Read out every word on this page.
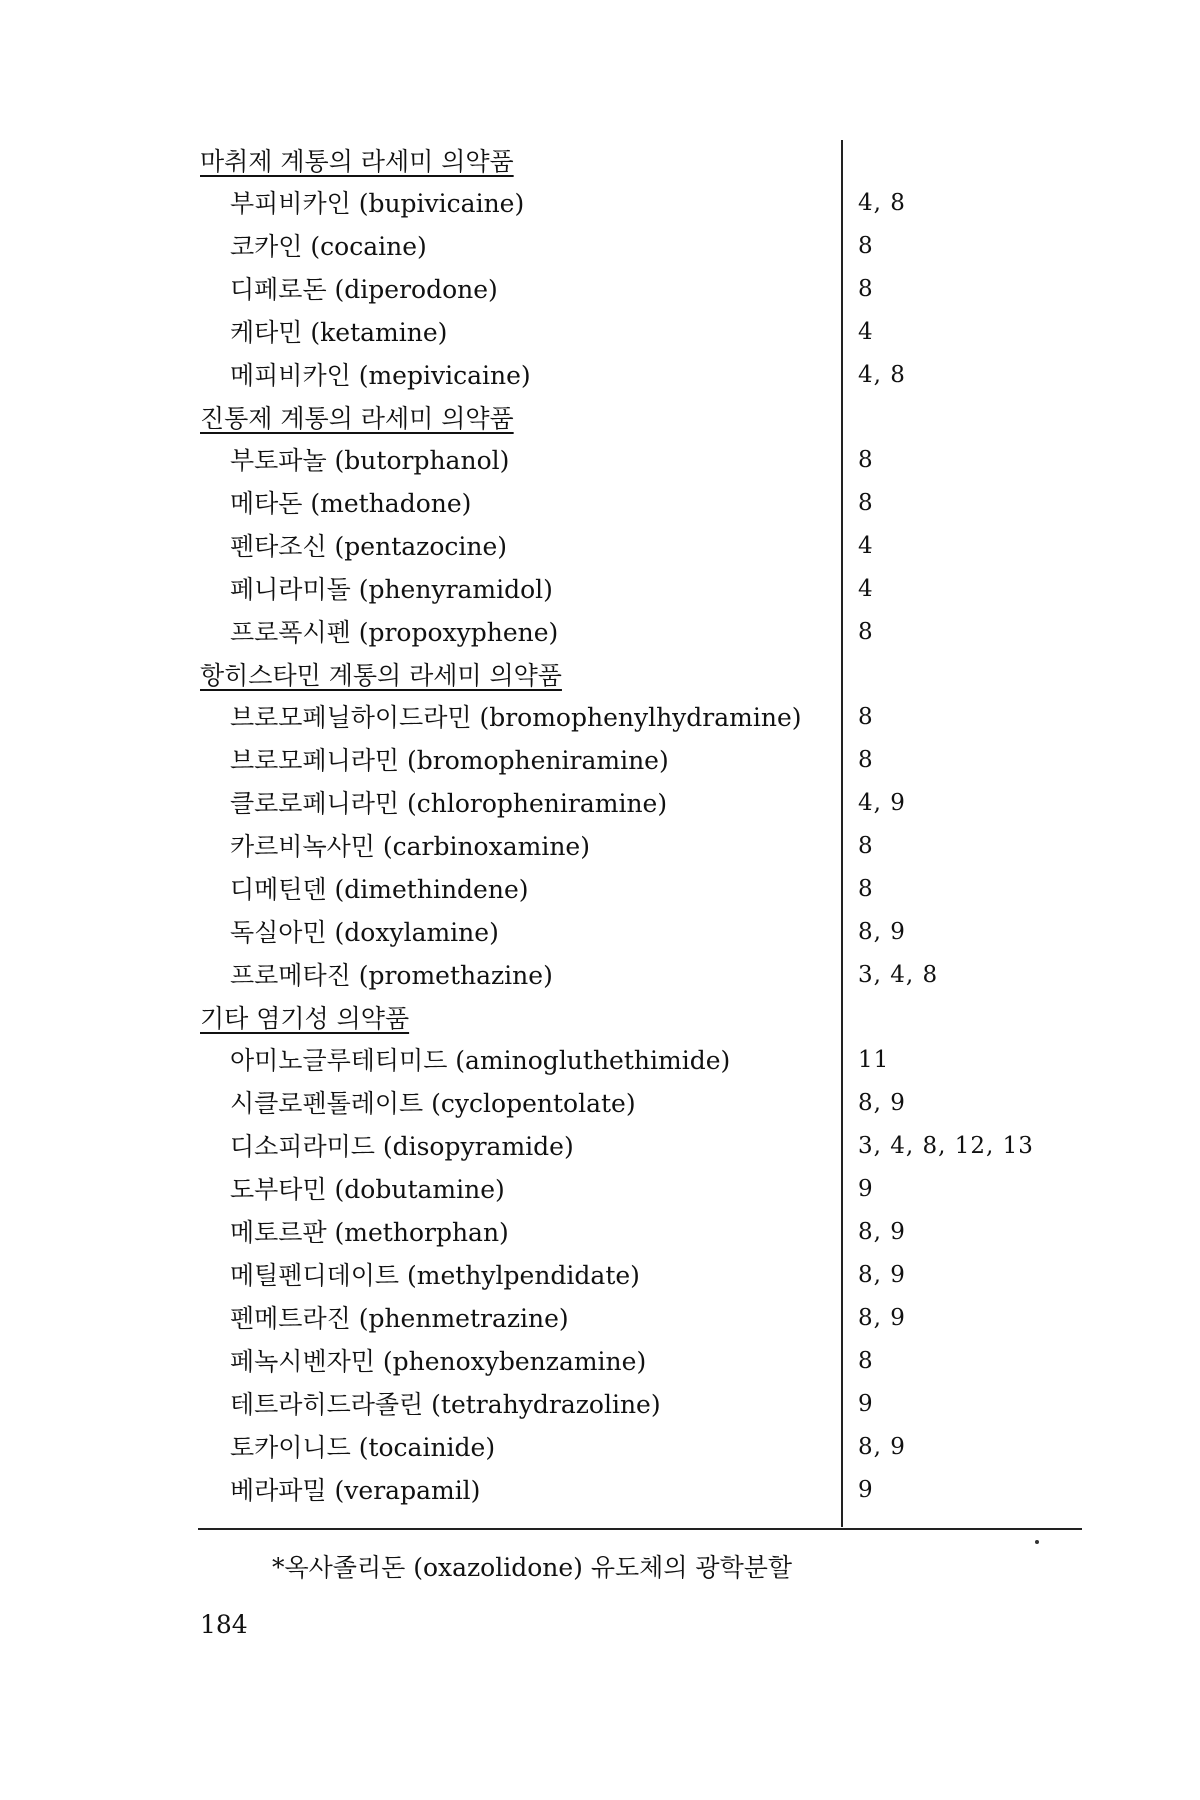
마취제 계통의 라세미 의약품
부피비카인 (bupivicaine)	4, 8
코카인 (cocaine)	8
디페로돈 (diperodone)	8
케타민 (ketamine)	4
메피비카인 (mepivicaine)	4, 8
진통제 계통의 라세미 의약품
부토파놀 (butorphanol)	8
메타돈 (methadone)	8
펜타조신 (pentazocine)	4
페니라미돌 (phenyramidol)	4
프로폭시펜 (propoxyphene)	8
항히스타민 계통의 라세미 의약품
브로모페닐하이드라민 (bromophenylhydramine)	8
브로모페니라민 (bromopheniramine)	8
클로로페니라민 (chloropheniramine)	4, 9
카르비녹사민 (carbinoxamine)	8
디메틴덴 (dimethindene)	8
독실아민 (doxylamine)	8, 9
프로메타진 (promethazine)	3, 4, 8
기타 염기성 의약품
아미노글루테티미드 (aminogluthethimide)	11
시클로펜톨레이트 (cyclopentolate)	8, 9
디소피라미드 (disopyramide)	3, 4, 8, 12, 13
도부타민 (dobutamine)	9
메토르판 (methorphan)	8, 9
메틸펜디데이트 (methylpendidate)	8, 9
펜메트라진 (phenmetrazine)	8, 9
페녹시벤자민 (phenoxybenzamine)	8
테트라히드라졸린 (tetrahydrazoline)	9
토카이니드 (tocainide)	8, 9
베라파밀 (verapamil)	9
*옥사졸리돈 (oxazolidone) 유도체의 광학분할
184
